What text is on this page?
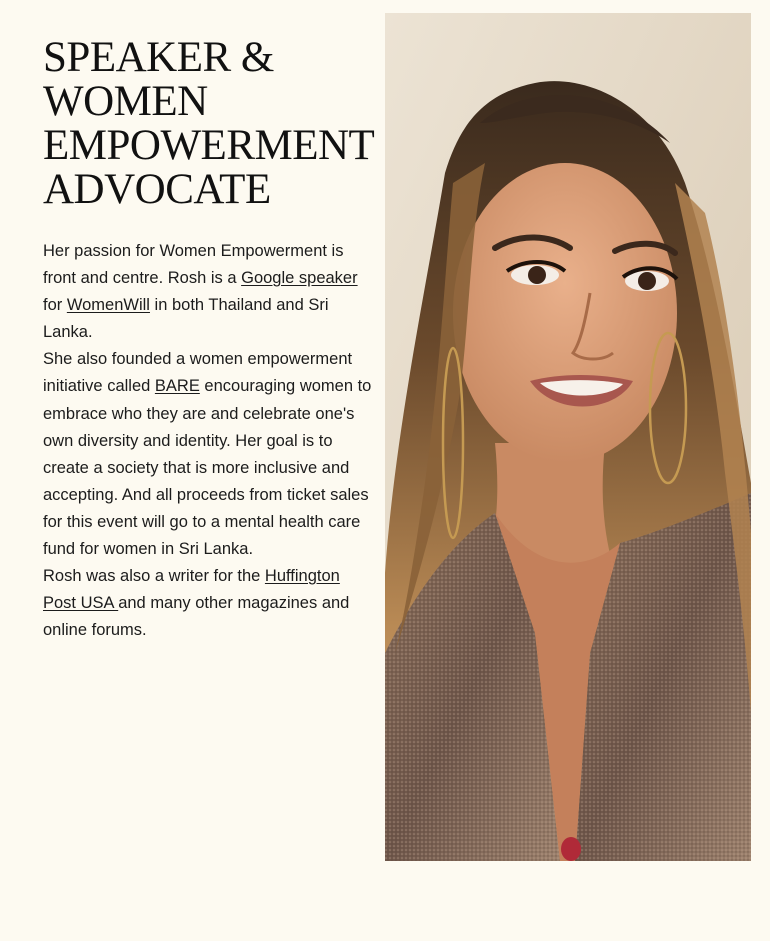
SPEAKER &
WOMEN
EMPOWERMENT
ADVOCATE

Her passion for Women Empowerment is front and centre. Rosh is a Google speaker for WomenWill in both Thailand and Sri Lanka.

She also founded a women empowerment initiative called BARE encouraging women to embrace who they are and celebrate one's own diversity and identity. Her goal is to create a society that is more inclusive and accepting. And all proceeds from ticket sales for this event will go to a mental health care fund for women in Sri Lanka.

Rosh was also a writer for the Huffington Post USA and many other magazines and online forums.
